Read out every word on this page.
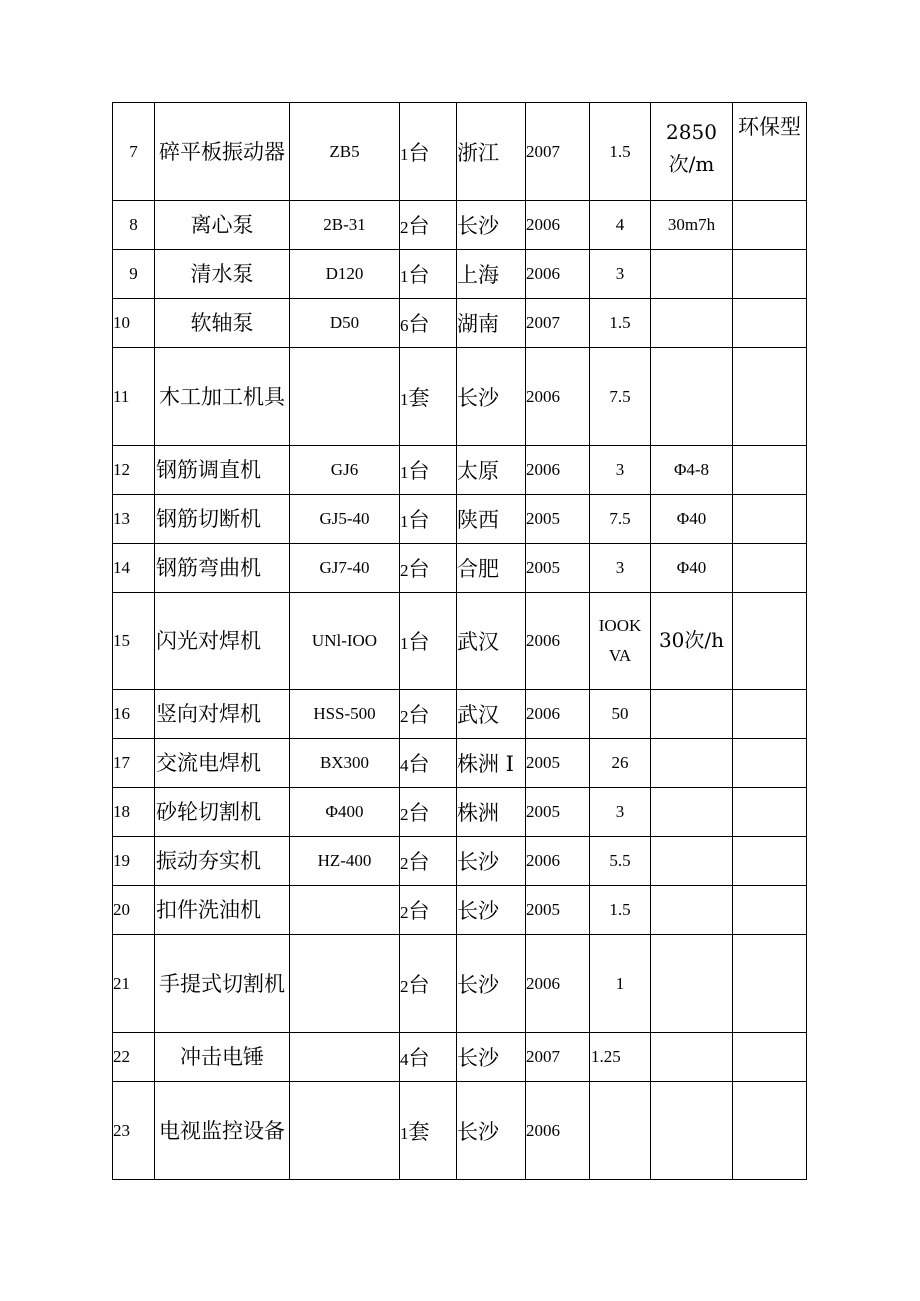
7	碎平板振动器	ZB5	1台	浙江	2007	1.5	2850次/m	环保型
8	离心泵	2B-31	2台	长沙	2006	4	30m7h	
9	清水泵	D120	1台	上海	2006	3		
10	软轴泵	D50	6台	湖南	2007	1.5		
11	木工加工机具		1套	长沙	2006	7.5		
12	钢筋调直机	GJ6	1台	太原	2006	3	Φ4-8	
13	钢筋切断机	GJ5-40	1台	陕西	2005	7.5	Φ40	
14	钢筋弯曲机	GJ7-40	2台	合肥	2005	3	Φ40	
15	闪光对焊机	UNl-IOO	1台	武汉	2006	IOOKVA	30次/h	
16	竖向对焊机	HSS-500	2台	武汉	2006	50		
17	交流电焊机	BX300	4台	株洲 I	2005	26		
18	砂轮切割机	Φ400	2台	株洲	2005	3		
19	振动夯实机	HZ-400	2台	长沙	2006	5.5		
20	扣件洗油机		2台	长沙	2005	1.5		
21	手提式切割机		2台	长沙	2006	1		
22	冲击电锤		4台	长沙	2007	1.25		
23	电视监控设备		1套	长沙	2006			
